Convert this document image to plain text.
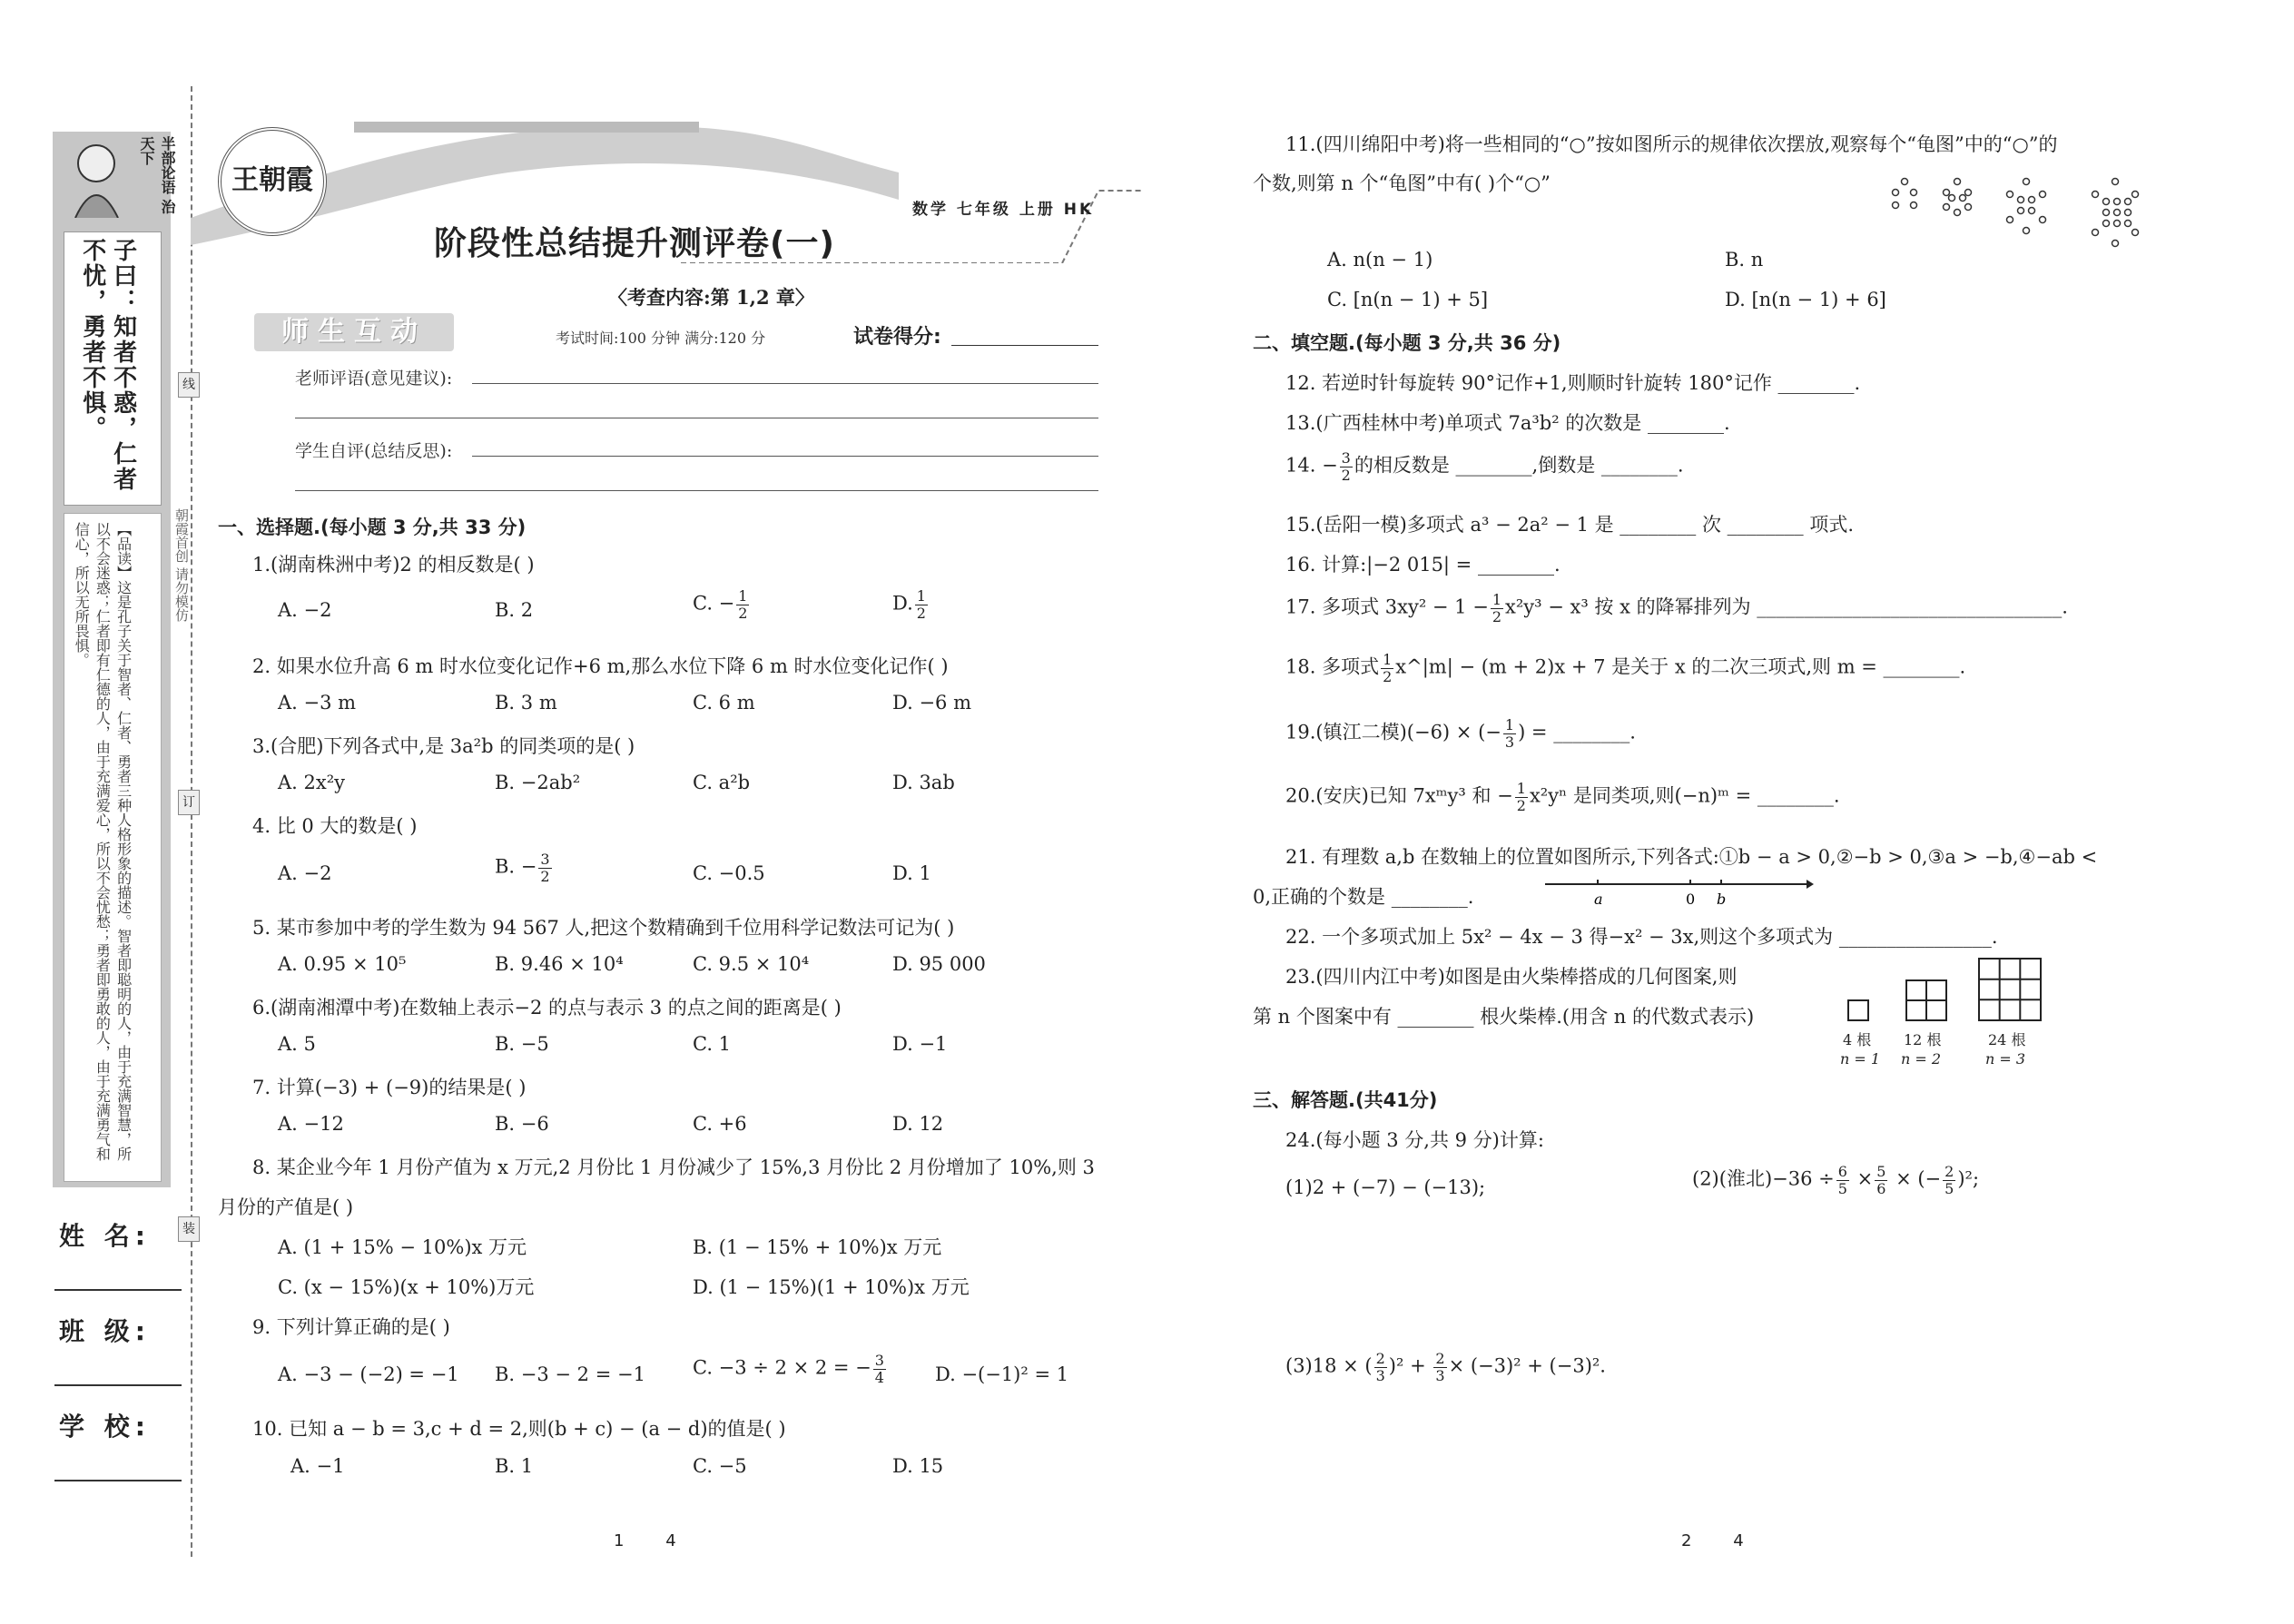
半部论语 治天下
子曰：知者不惑，仁者不忧，勇者不惧。
【品读】这是孔子关于智者、仁者、勇者三种人格形象的描述。智者即聪明的人，由于充满智慧，所以不会迷惑；仁者即有仁德的人，由于充满爱心，所以不会忧愁；勇者即勇敢的人，由于充满勇气和信心，所以无所畏惧。
姓 名:
班 级:
学 校:
线
订
装
朝霞首创 请勿模仿
王朝霞
数学 七年级 上册 HK
阶段性总结提升测评卷(一)
〈考查内容:第 1,2 章〉
师生互动	考试时间:100 分钟 满分:120 分	试卷得分:
老师评语(意见建议):
学生自评(总结反思):
一、选择题.(每小题 3 分,共 33 分)
1.(湖南株洲中考)2 的相反数是( )
A. −2	B. 2	C. − $\frac{1}{2}$	D. $\frac{1}{2}$
2. 如果水位升高 6 m 时水位变化记作+6 m,那么水位下降 6 m 时水位变化记作( )
A. −3 m	B. 3 m	C. 6 m	D. −6 m
3.(合肥)下列各式中,是 3a²b 的同类项的是( )
A. 2x²y	B. −2ab²	C. a²b	D. 3ab
4. 比 0 大的数是( )
A. −2	B. − $\frac{3}{2}$	C. −0.5	D. 1
5. 某市参加中考的学生数为 94 567 人,把这个数精确到千位用科学记数法可记为( )
A. 0.95 × 10⁵	B. 9.46 × 10⁴	C. 9.5 × 10⁴	D. 95 000
6.(湖南湘潭中考)在数轴上表示−2 的点与表示 3 的点之间的距离是( )
A. 5	B. −5	C. 1	D. −1
7. 计算(−3) + (−9)的结果是( )
A. −12	B. −6	C. +6	D. 12
8. 某企业今年 1 月份产值为 x 万元,2 月份比 1 月份减少了 15%,3 月份比 2 月份增加了 10%,则 3
月份的产值是( )
A. (1 + 15% − 10%)x 万元	B. (1 − 15% + 10%)x 万元
C. (x − 15%)(x + 10%)万元	D. (1 − 15%)(1 + 10%)x 万元
9. 下列计算正确的是( )
A. −3 − (−2) = −1 B. −3 − 2 = −1 C. −3 ÷ 2 × 2 = − $\frac{3}{4}$	D. −(−1)² = 1
10. 已知 a − b = 3,c + d = 2,则(b + c) − (a − d)的值是( )
A. −1	B. 1	C. −5	D. 15
1        4
11.(四川绵阳中考)将一些相同的“○”按如图所示的规律依次摆放,观察每个“龟图”中的“○”的
个数,则第 n 个“龟图”中有( )个“○”
A. n(n − 1)	B. n
C. [n(n − 1) + 5]	D. [n(n − 1) + 6]
二、填空题.(每小题 3 分,共 36 分)
12. 若逆时针每旋转 90°记作+1,则顺时针旋转 180°记作 ________.
13.(广西桂林中考)单项式 7a³b² 的次数是 ________.
14. − $\frac{3}{2}$ 的相反数是 ________,倒数是 ________.
15.(岳阳一模)多项式 a³ − 2a² − 1 是 ________ 次 ________ 项式.
16. 计算:|−2 015| = ________.
17. 多项式 $3xy^2 - 1 - \frac{1}{2} x^2y^3 - x^3$ 按 x 的降幂排列为 ________________________________.
18. 多项式 $\frac{1}{2}$ x^|m| − (m + 2)x + 7 是关于 x 的二次三项式,则 m = ________.
19.(镇江二模)(−6) × (− $\frac{1}{3}$ ) = ________.
20.(安庆)已知 7xᵐy³ 和 − $\frac{1}{2} x^2y^n$ 是同类项,则(−n)ᵐ = ________.
21. 有理数 a,b 在数轴上的位置如图所示,下列各式:①b − a > 0,②−b > 0,③a > −b,④−ab <
0,正确的个数是 ________.	a	0 b
22. 一个多项式加上 5x² − 4x − 3 得−x² − 3x,则这个多项式为 ________________.
23.(四川内江中考)如图是由火柴棒搭成的几何图案,则
第 n 个图案中有 ________ 根火柴棒.(用含 n 的代数式表示)
4 根 12 根	24 根
n = 1 n = 2	n = 3
三、解答题.(共41分)
24.(每小题 3 分,共 9 分)计算:
(1)2 + (−7) − (−13);	(2)(淮北)$-36 \div \frac{6}{5} \times \frac{5}{6}$ × (− $\frac{2}{5} )^2$;
(3)18 × ( $\frac{2}{3} )^2 + \frac{2}{3} \times (-3)^2 + (-3)^2$.
2        4
